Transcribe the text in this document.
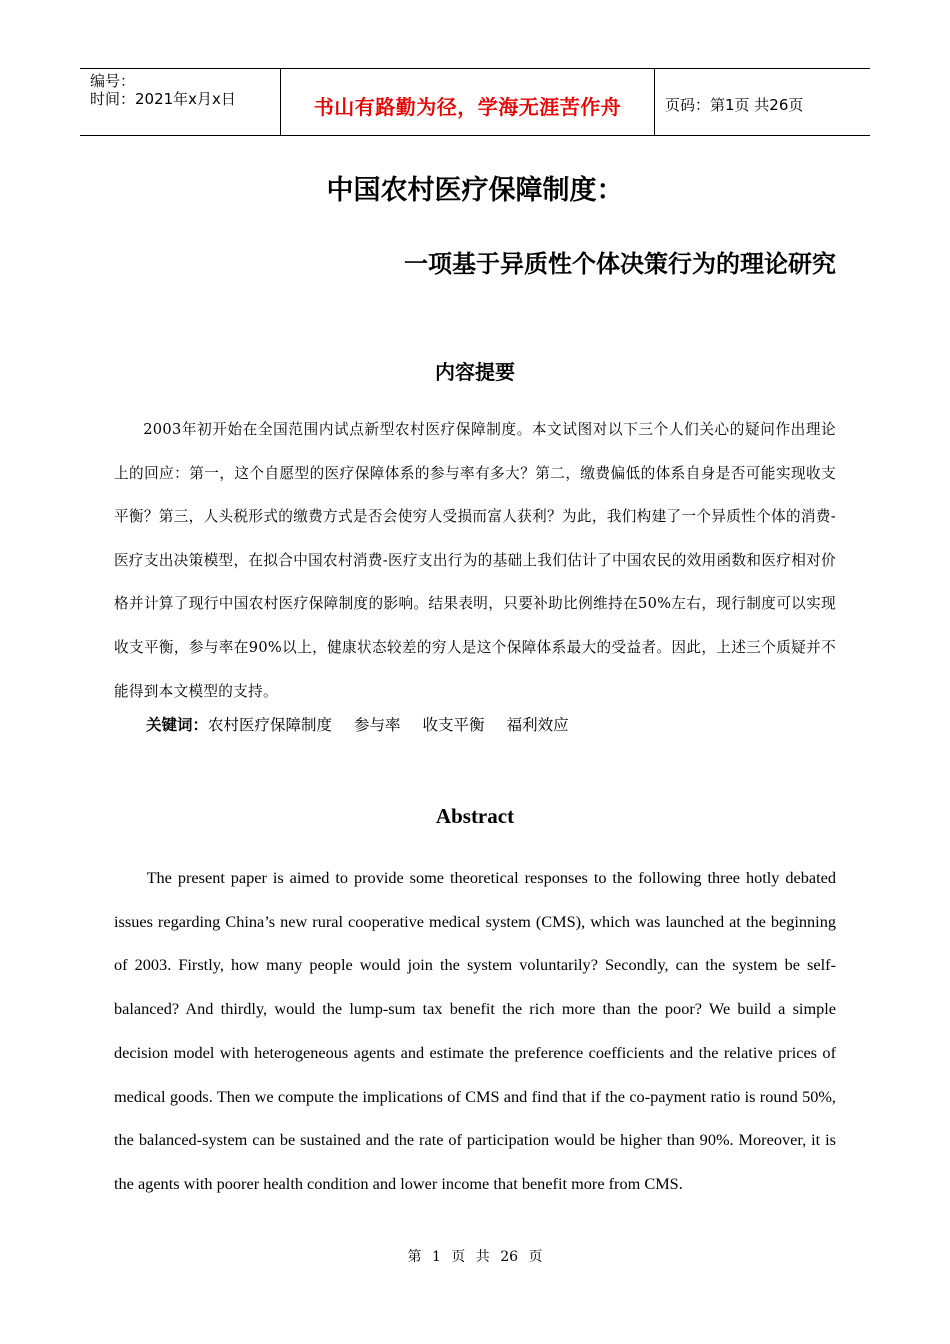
编号：
时间：2021年x月x日	书山有路勤为径，学海无涯苦作舟	页码：第1页 共26页
中国农村医疗保障制度：
一项基于异质性个体决策行为的理论研究
内容提要

2003年初开始在全国范围内试点新型农村医疗保障制度。本文试图对以下三个人们关心的疑问作出理论上的回应：第一，这个自愿型的医疗保障体系的参与率有多大？第二，缴费偏低的体系自身是否可能实现收支平衡？第三，人头税形式的缴费方式是否会使穷人受损而富人获利？为此，我们构建了一个异质性个体的消费-医疗支出决策模型，在拟合中国农村消费-医疗支出行为的基础上我们估计了中国农民的效用函数和医疗相对价格并计算了现行中国农村医疗保障制度的影响。结果表明，只要补助比例维持在50%左右，现行制度可以实现收支平衡，参与率在90%以上，健康状态较差的穷人是这个保障体系最大的受益者。因此，上述三个质疑并不能得到本文模型的支持。

关键词：农村医疗保障制度 参与率 收支平衡 福利效应
Abstract

The present paper is aimed to provide some theoretical responses to the following three hotly debated issues regarding China’s new rural cooperative medical system (CMS), which was launched at the beginning of 2003. Firstly, how many people would join the system voluntarily? Secondly, can the system be self-balanced? And thirdly, would the lump-sum tax benefit the rich more than the poor? We build a simple decision model with heterogeneous agents and estimate the preference coefficients and the relative prices of medical goods. Then we compute the implications of CMS and find that if the co-payment ratio is round 50%, the balanced-system can be sustained and the rate of participation would be higher than 90%. Moreover, it is the agents with poorer health condition and lower income that benefit more from CMS.

第 1 页 共 26 页
